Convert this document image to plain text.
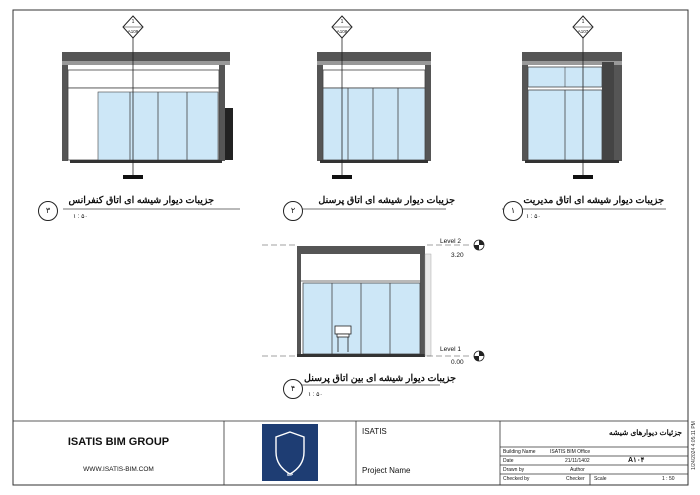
1
A109
1
A108
1
A107
جزیبات دیوار شیشه ای اتاق کنفرانس
۳
۱ : ۵۰
جزیبات دیوار شیشه ای اتاق پرسنل
۲
جزیبات دیوار شیشه ای اتاق مدیریت
۱
۱ : ۵۰
جزیبات دیوار شیشه ای بین اتاق پرسنل
۴
۱ : ۵۰
Level 2
3.20
Level 1
0.00
1/24/2024 4:05:11 PM
ISATIS BIM GROUP
WWW.ISATIS-BIM.COM
SIP
ISATIS
Project Name
جزئیات دیوارهای شیشه
Building Name	ISATIS BIM Office
Date	21/11/1402
Drawn by	Author
Checked by	Checker Scale	1 : 50
A۱۰۴
